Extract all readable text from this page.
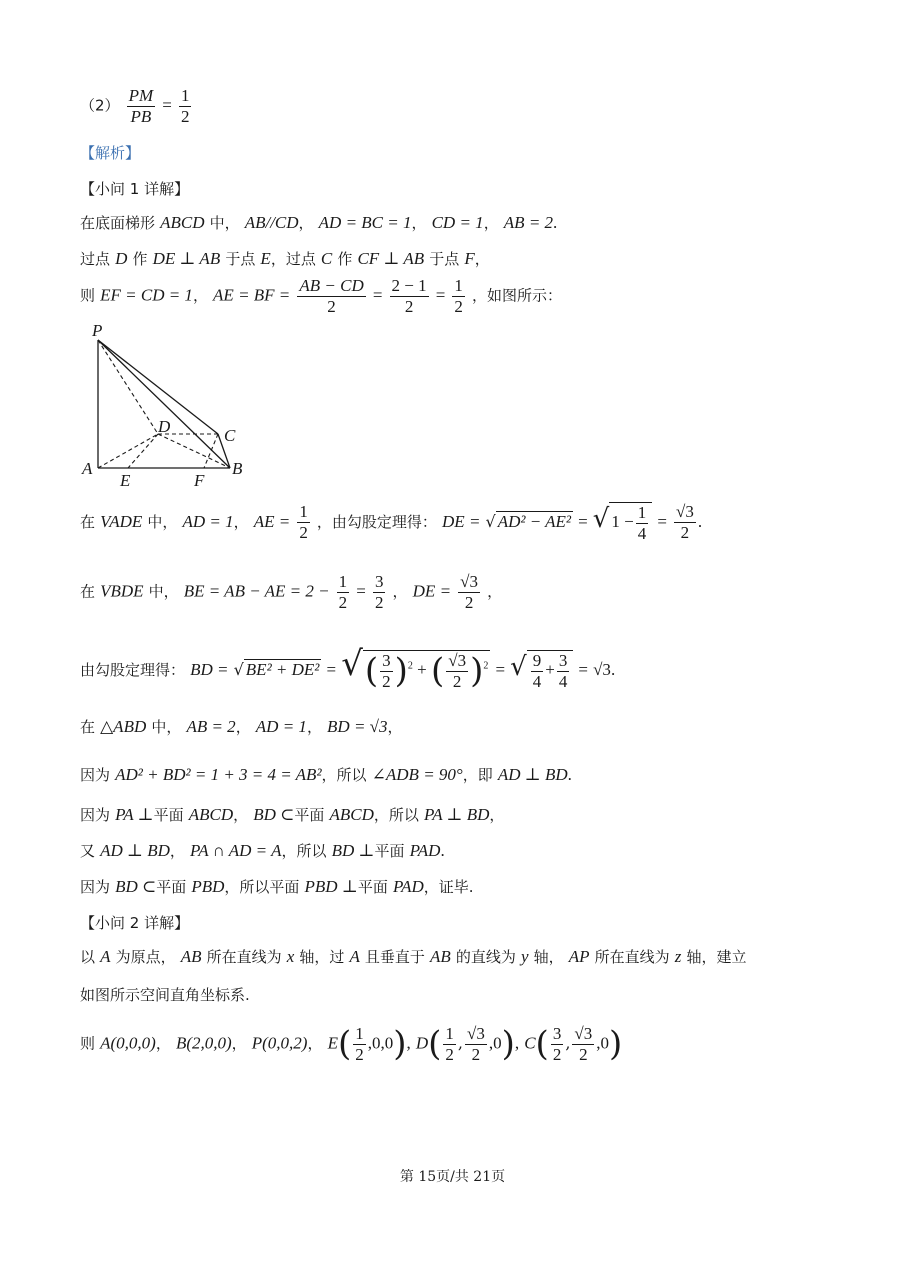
$(2) \frac{PM}{PB} = \frac{1}{2}$
【解析】
【小问 1 详解】
在底面梯形 ABCD 中， AB//CD， AD = BC = 1， CD = 1， AB = 2.
过点 D 作 DE ⊥ AB 于点 E，过点 C 作 CF ⊥ AB 于点 F，
则 EF = CD = 1， AE = BF = $\frac{AB - CD}{2} = \frac{2 - 1}{2} = \frac{1}{2}$ ，如图所示：
P
A	B
C
D
E	F
在 VADE 中， AD = 1， AE = $\frac{1}{2}$ ，由勾股定理得： DE = √ AD² − AE² = √ $1 - \frac{1}{4} = \frac{√3}{2}$ .
在 VBDE 中， BE = AB − AE = $2 - \frac{1}{2} = \frac{3}{2}$ ， DE = $\frac{√3}{2}$ ，
由勾股定理得： BD = √ BE² + DE² = √( $\frac{3}{2} )^2$ + ( $\frac{√3}{2} )^2$ = √ $\frac{9}{4} + \frac{3}{4} = √3$.
在 △ABD 中， AB = 2， AD = 1， BD = √3，
因为 AD² + BD² = 1 + 3 = 4 = AB²，所以 ∠ADB = 90°，即 AD ⊥ BD.
因为 PA ⊥平面 ABCD， BD ⊂平面 ABCD，所以 PA ⊥ BD，
又 AD ⊥ BD， PA ∩ AD = A，所以 BD ⊥平面 PAD.
因为 BD ⊂平面 PBD，所以平面 PBD ⊥平面 PAD，证毕.
【小问 2 详解】
以 A 为原点， AB 所在直线为 x 轴，过 A 且垂直于 AB 的直线为 y 轴， AP 所在直线为 z 轴，建立
如图所示空间直角坐标系.
则 A(0,0,0)， B(2,0,0)， P(0,0,2)， $E( \frac{1}{2} ,0,0)$, $D( \frac{1}{2}$ , $\frac{√3}{2} ,0$), $C( \frac{3}{2}$ , $\frac{√3}{2} ,0$)
第 15页/共 21页
